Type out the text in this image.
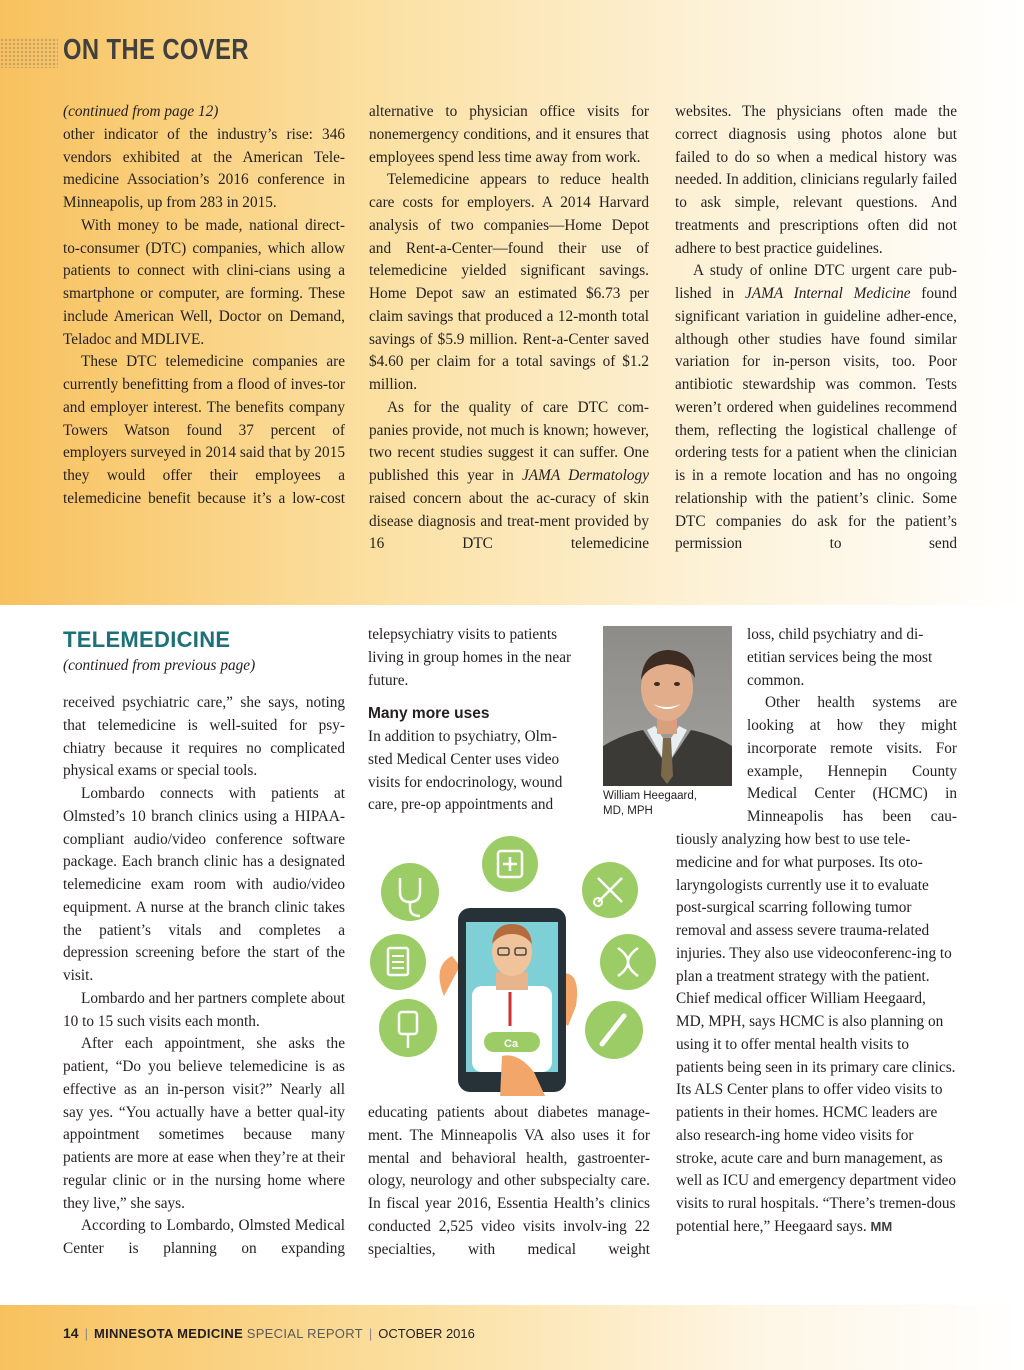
ON THE COVER

(continued from page 12)

other indicator of the industry’s rise: 346 vendors exhibited at the American Tele-medicine Association’s 2016 conference in Minneapolis, up from 283 in 2015.

With money to be made, national direct-to-consumer (DTC) companies, which allow patients to connect with clini-cians using a smartphone or computer, are forming. These include American Well, Doctor on Demand, Teladoc and MDLIVE.

These DTC telemedicine companies are currently benefitting from a flood of inves-tor and employer interest. The benefits company Towers Watson found 37 percent of employers surveyed in 2014 said that by 2015 they would offer their employees a telemedicine benefit because it’s a low-cost

alternative to physician office visits for nonemergency conditions, and it ensures that employees spend less time away from work.

Telemedicine appears to reduce health care costs for employers. A 2014 Harvard analysis of two companies—Home Depot and Rent-a-Center—found their use of telemedicine yielded significant savings. Home Depot saw an estimated $6.73 per claim savings that produced a 12-month total savings of $5.9 million. Rent-a-Center saved $4.60 per claim for a total savings of $1.2 million.

As for the quality of care DTC com-panies provide, not much is known; however, two recent studies suggest it can suffer. One published this year in JAMA Dermatology raised concern about the ac-curacy of skin disease diagnosis and treat-ment provided by 16 DTC telemedicine

websites. The physicians often made the correct diagnosis using photos alone but failed to do so when a medical history was needed. In addition, clinicians regularly failed to ask simple, relevant questions. And treatments and prescriptions often did not adhere to best practice guidelines.

A study of online DTC urgent care pub-lished in JAMA Internal Medicine found significant variation in guideline adher-ence, although other studies have found similar variation for in-person visits, too. Poor antibiotic stewardship was common. Tests weren’t ordered when guidelines recommend them, reflecting the logistical challenge of ordering tests for a patient when the clinician is in a remote location and has no ongoing relationship with the patient’s clinic. Some DTC companies do ask for the patient’s permission to send

TELEMEDICINE
(continued from previous page)

received psychiatric care,” she says, noting that telemedicine is well-suited for psy-chiatry because it requires no complicated physical exams or special tools.

Lombardo connects with patients at Olmsted’s 10 branch clinics using a HIPAA-compliant audio/video conference software package. Each branch clinic has a designated telemedicine exam room with audio/video equipment. A nurse at the branch clinic takes the patient’s vitals and completes a depression screening before the start of the visit.

Lombardo and her partners complete about 10 to 15 such visits each month.

After each appointment, she asks the patient, “Do you believe telemedicine is as effective as an in-person visit?” Nearly all say yes. “You actually have a better qual-ity appointment sometimes because many patients are more at ease when they’re at their regular clinic or in the nursing home where they live,” she says.

According to Lombardo, Olmsted Medical Center is planning on expanding

telepsychiatry visits to patients living in group homes in the near future.

Many more uses

In addition to psychiatry, Olm-sted Medical Center uses video visits for endocrinology, wound care, pre-op appointments and

William Heegaard,
MD, MPH
Ca

educating patients about diabetes manage-ment. The Minneapolis VA also uses it for mental and behavioral health, gastroenter-ology, neurology and other subspecialty care. In fiscal year 2016, Essentia Health’s clinics conducted 2,525 video visits involv-ing 22 specialties, with medical weight

loss, child psychiatry and di-etitian services being the most common.

Other health systems are looking at how they might incorporate remote visits. For example, Hennepin County Medical Center (HCMC) in Minneapolis has been cau-

tiously analyzing how best to use tele-medicine and for what purposes. Its oto-laryngologists currently use it to evaluate post-surgical scarring following tumor removal and assess severe trauma-related injuries. They also use videoconferenc-ing to plan a treatment strategy with the patient. Chief medical officer William Heegaard, MD, MPH, says HCMC is also planning on using it to offer mental health visits to patients being seen in its primary care clinics. Its ALS Center plans to offer video visits to patients in their homes. HCMC leaders are also research-ing home video visits for stroke, acute care and burn management, as well as ICU and emergency department video visits to rural hospitals. “There’s tremen-dous potential here,” Heegaard says. MM

14 | MINNESOTA MEDICINE SPECIAL REPORT | OCTOBER 2016
